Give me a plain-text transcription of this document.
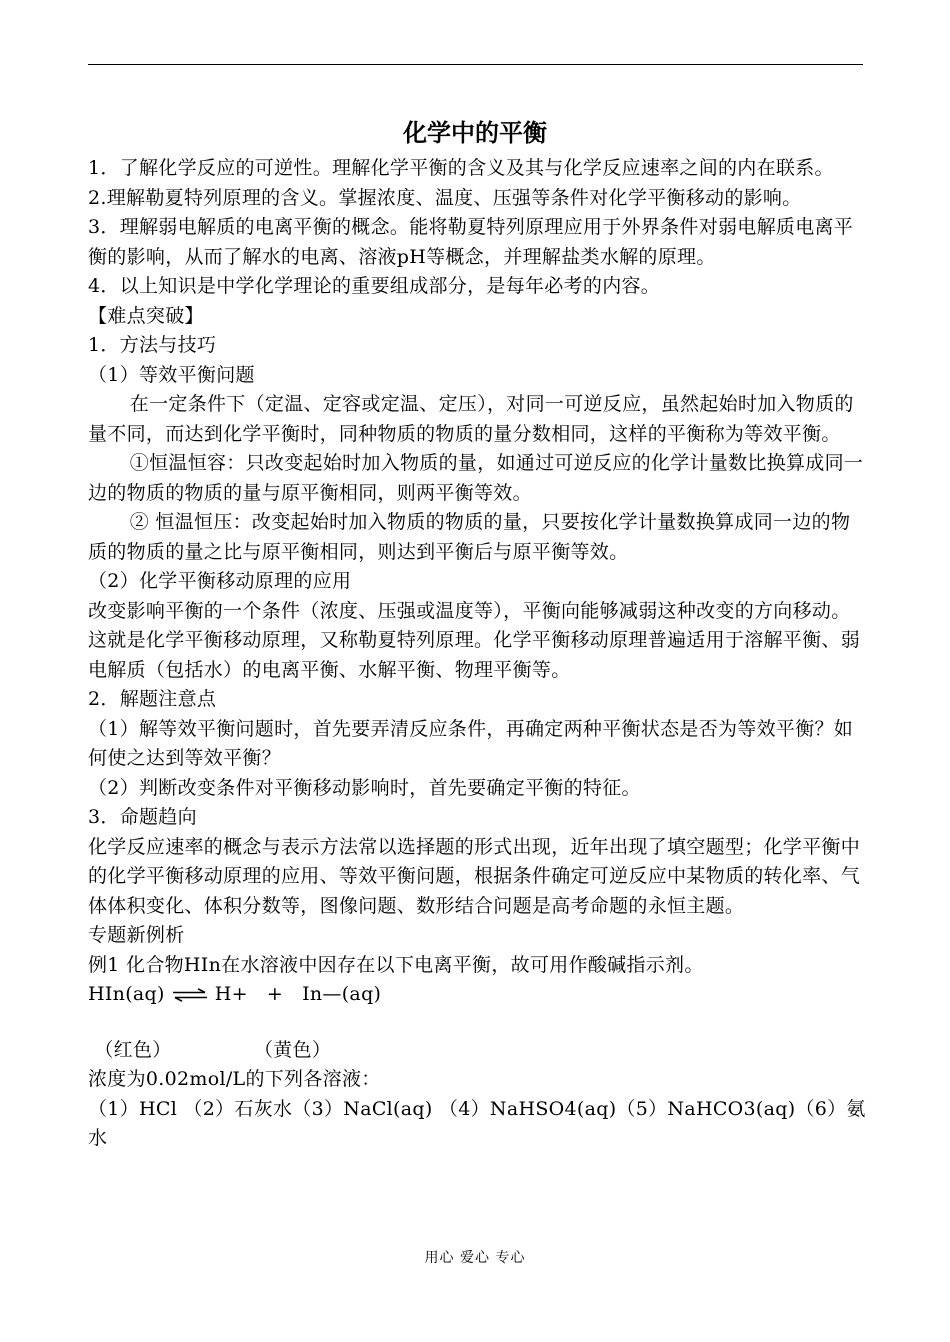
化学中的平衡

1．了解化学反应的可逆性。理解化学平衡的含义及其与化学反应速率之间的内在联系。

2.理解勒夏特列原理的含义。掌握浓度、温度、压强等条件对化学平衡移动的影响。

3．理解弱电解质的电离平衡的概念。能将勒夏特列原理应用于外界条件对弱电解质电离平衡的影响，从而了解水的电离、溶液pH等概念，并理解盐类水解的原理。

4．以上知识是中学化学理论的重要组成部分，是每年必考的内容。

【难点突破】

1．方法与技巧

（1）等效平衡问题

在一定条件下（定温、定容或定温、定压），对同一可逆反应，虽然起始时加入物质的量不同，而达到化学平衡时，同种物质的物质的量分数相同，这样的平衡称为等效平衡。

①恒温恒容：只改变起始时加入物质的量，如通过可逆反应的化学计量数比换算成同一边的物质的物质的量与原平衡相同，则两平衡等效。

② 恒温恒压：改变起始时加入物质的物质的量，只要按化学计量数换算成同一边的物质的物质的量之比与原平衡相同，则达到平衡后与原平衡等效。

（2）化学平衡移动原理的应用

改变影响平衡的一个条件（浓度、压强或温度等），平衡向能够减弱这种改变的方向移动。这就是化学平衡移动原理，又称勒夏特列原理。化学平衡移动原理普遍适用于溶解平衡、弱电解质（包括水）的电离平衡、水解平衡、物理平衡等。

2．解题注意点

（1）解等效平衡问题时，首先要弄清反应条件，再确定两种平衡状态是否为等效平衡？如何使之达到等效平衡？

（2）判断改变条件对平衡移动影响时，首先要确定平衡的特征。

3．命题趋向

化学反应速率的概念与表示方法常以选择题的形式出现，近年出现了填空题型；化学平衡中的化学平衡移动原理的应用、等效平衡问题，根据条件确定可逆反应中某物质的转化率、气体体积变化、体积分数等，图像问题、数形结合问题是高考命题的永恒主题。

专题新例析

例1 化合物HIn在水溶液中因存在以下电离平衡，故可用作酸碱指示剂。

HIn(aq) ⇌
H+   +   In—(aq)

（红色）             （黄色）

浓度为0.02mol/L的下列各溶液：

（1）HCl （2）石灰水（3）NaCl(aq) （4）NaHSO4(aq)（5）NaHCO3(aq)（6）氨水

用心 爱心 专心
